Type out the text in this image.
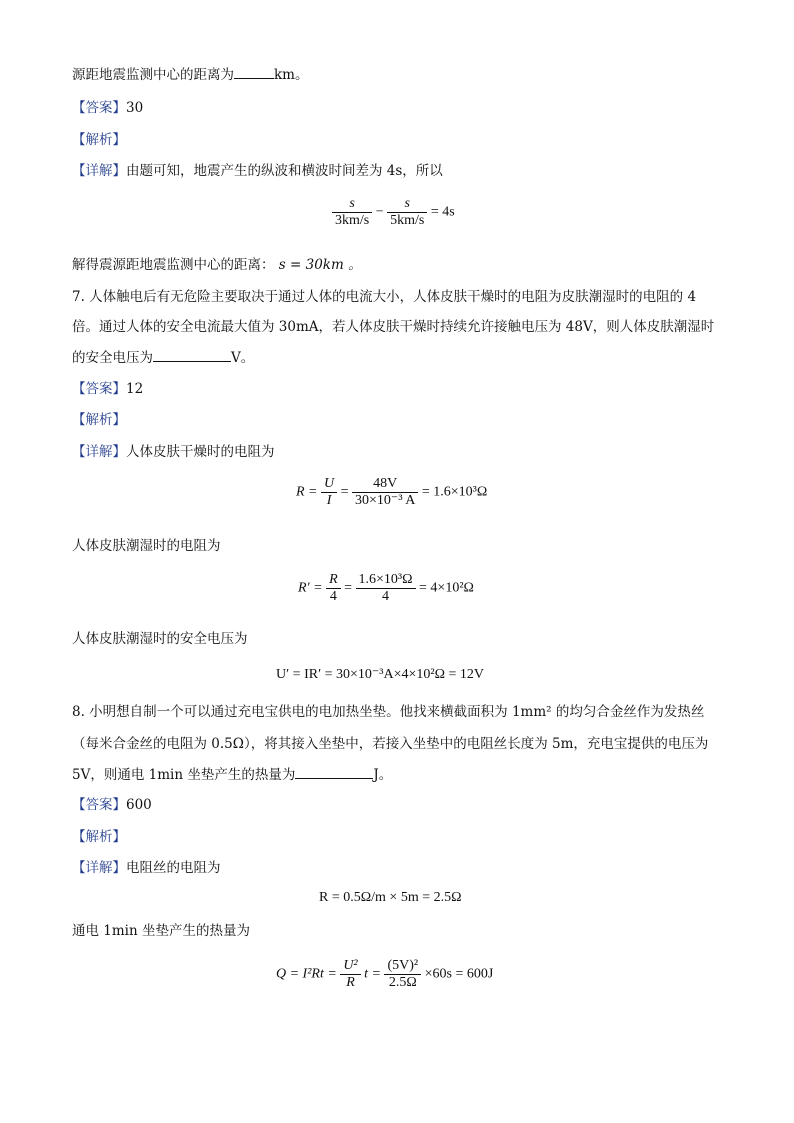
源距地震监测中心的距离为	km。
【答案】30
【解析】
【详解】由题可知，地震产生的纵波和横波时间差为 4s，所以
$\frac{s}{3km/s} - \frac{s}{5km/s} = 4s$
解得震源距地震监测中心的距离： s = 30km 。
7. 人体触电后有无危险主要取决于通过人体的电流大小，人体皮肤干燥时的电阻为皮肤潮湿时的电阻的 4
倍。通过人体的安全电流最大值为 30mA，若人体皮肤干燥时持续允许接触电压为 48V，则人体皮肤潮湿时
的安全电压为	V。
【答案】12
【解析】
【详解】人体皮肤干燥时的电阻为
$R = \frac{U}{I} = \frac{48V}{\text{30×10⁻³ A}} = 1.6\times 10^3\Omega$
人体皮肤潮湿时的电阻为
$R' = \frac{R}{4} = \frac{\text{1.6×10³Ω}}{4} = 4\times 10^2\Omega$
人体皮肤潮湿时的安全电压为
U′ = IR′ = 30×10⁻³A×4×10²Ω = 12V
8. 小明想自制一个可以通过充电宝供电的电加热坐垫。他找来横截面积为 1mm² 的均匀合金丝作为发热丝
（每米合金丝的电阻为 0.5Ω），将其接入坐垫中，若接入坐垫中的电阻丝长度为 5m，充电宝提供的电压为
5V，则通电 1min 坐垫产生的热量为	J。
【答案】600
【解析】
【详解】电阻丝的电阻为
R = 0.5Ω/m × 5m = 2.5Ω
通电 1min 坐垫产生的热量为
$Q = I^2Rt = \frac{\text{U²}}{R}$ $t = \frac{\text{(5V)²}}{2.5\Omega} \times 60s = 600J$
